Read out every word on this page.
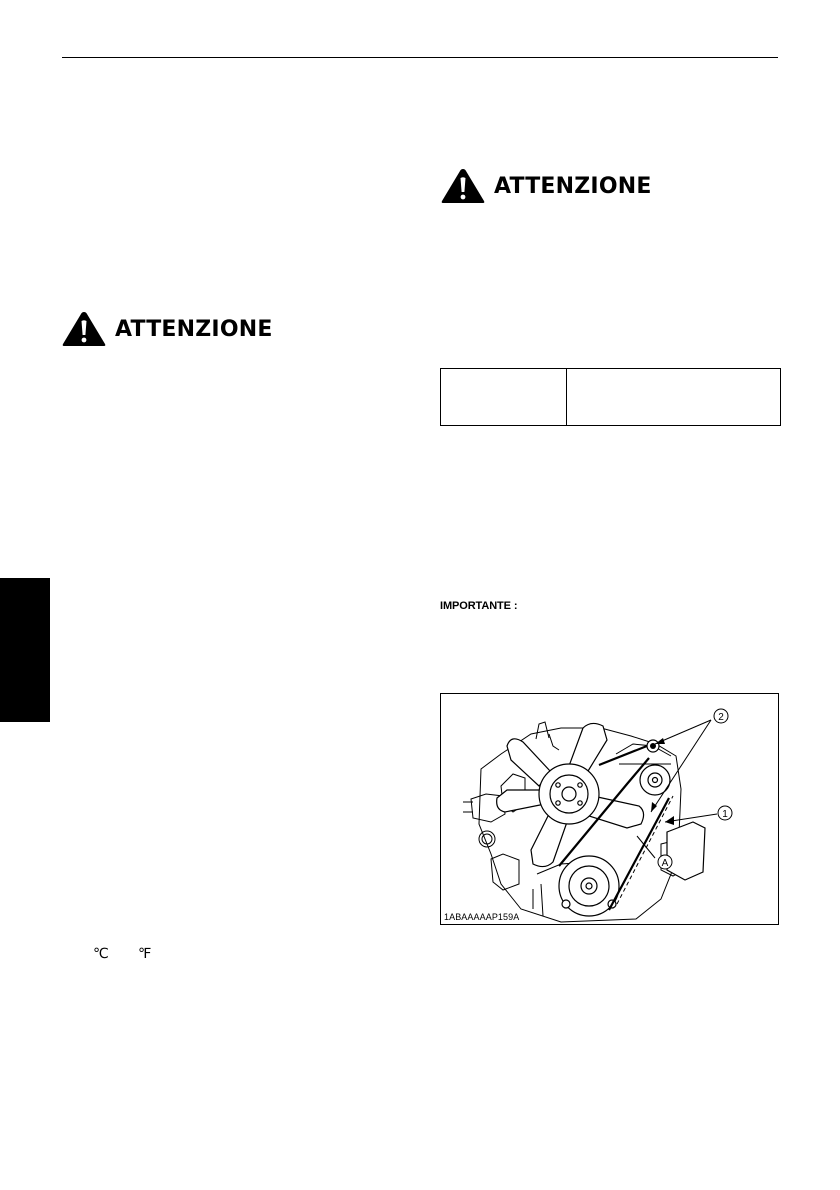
ATTENZIONE
ATTENZIONE
IMPORTANTE :
℃ ℉
2
1
A
1ABAAAAAP159A
